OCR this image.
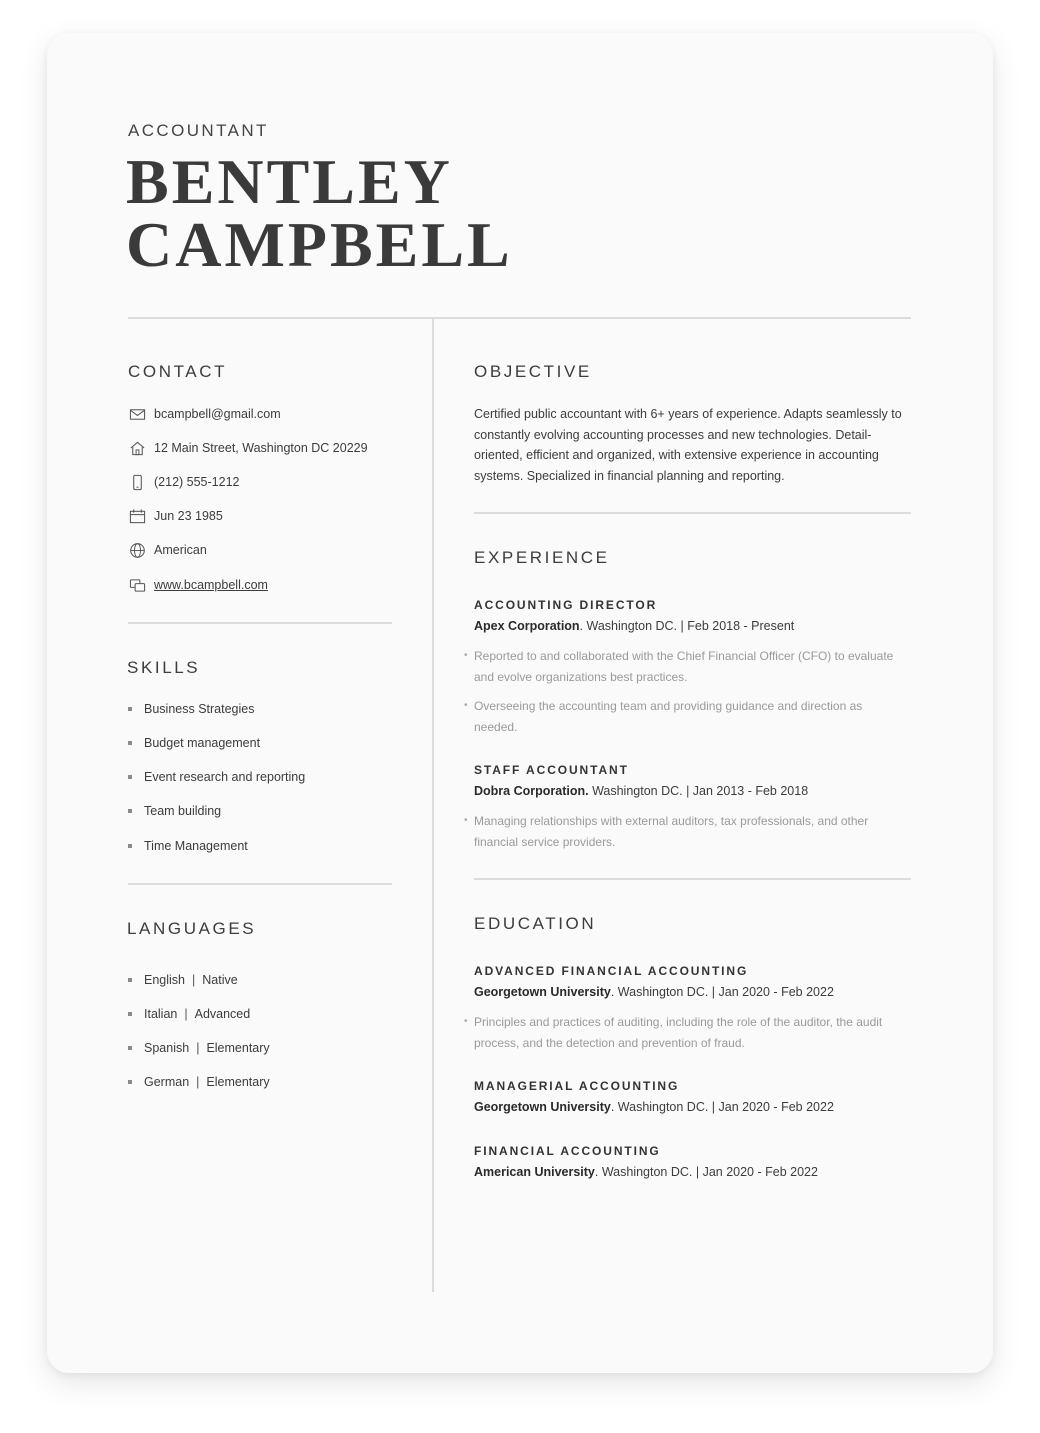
ACCOUNTANT
BENTLEY
CAMPBELL
CONTACT
bcampbell@gmail.com
12 Main Street, Washington DC 20229
(212) 555-1212
Jun 23 1985
American
www.bcampbell.com
SKILLS
Business Strategies
Budget management
Event research and reporting
Team building
Time Management
LANGUAGES
English | Native
Italian | Advanced
Spanish | Elementary
German | Elementary
OBJECTIVE
Certified public accountant with 6+ years of experience. Adapts seamlessly to constantly evolving accounting processes and new technologies. Detail-oriented, efficient and organized, with extensive experience in accounting systems. Specialized in financial planning and reporting.
EXPERIENCE
ACCOUNTING DIRECTOR
Apex Corporation. Washington DC. | Feb 2018 - Present
• Reported to and collaborated with the Chief Financial Officer (CFO) to evaluate and evolve organizations best practices.
• Overseeing the accounting team and providing guidance and direction as needed.
STAFF ACCOUNTANT
Dobra Corporation. Washington DC. | Jan 2013 - Feb 2018
• Managing relationships with external auditors, tax professionals, and other financial service providers.
EDUCATION
ADVANCED FINANCIAL ACCOUNTING
Georgetown University. Washington DC. | Jan 2020 - Feb 2022
• Principles and practices of auditing, including the role of the auditor, the audit process, and the detection and prevention of fraud.
MANAGERIAL ACCOUNTING
Georgetown University. Washington DC. | Jan 2020 - Feb 2022
FINANCIAL ACCOUNTING
American University. Washington DC. | Jan 2020 - Feb 2022
